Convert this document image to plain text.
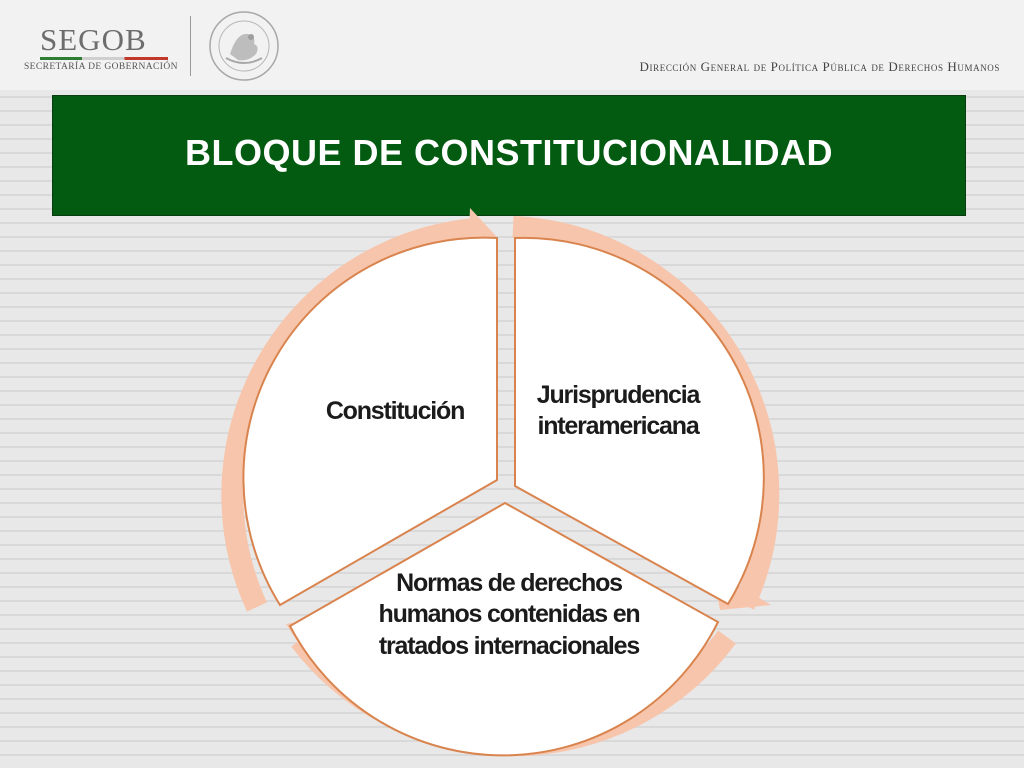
SEGOB
SECRETARÍA DE GOBERNACIÓN	Dirección General de Política Pública de Derechos Humanos
BLOQUE DE CONSTITUCIONALIDAD
Constitución
Jurisprudencia interamericana
Normas de derechos humanos contenidas en tratados internacionales
